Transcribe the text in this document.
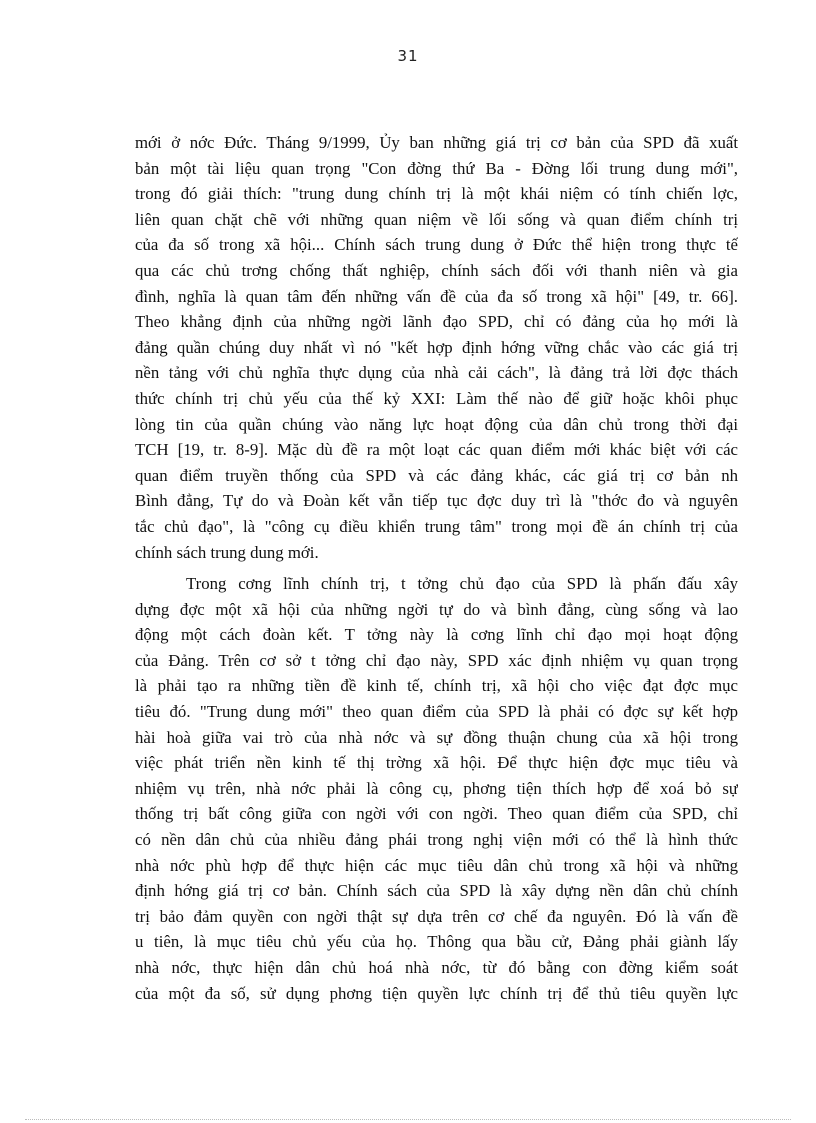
31
mới ở nớc Đức. Tháng 9/1999, Ủy ban những giá trị cơ bản của SPD đã xuất
bản một tài liệu quan trọng "Con đờng thứ Ba - Đờng lối trung dung mới",
trong đó giải thích: "trung dung chính trị là một khái niệm có tính chiến lợc,
liên quan chặt chẽ với những quan niệm về lối sống và quan điểm chính trị
của đa số trong xã hội... Chính sách trung dung ở Đức thể hiện trong thực tế
qua các chủ trơng chống thất nghiệp, chính sách đối với thanh niên và gia
đình, nghĩa là quan tâm đến những vấn đề của đa số trong xã hội" [49, tr. 66].
Theo khẳng định của những ngời lãnh đạo SPD, chỉ có đảng của họ mới là
đảng quần chúng duy nhất vì nó "kết hợp định hớng vững chắc vào các giá trị
nền tảng với chủ nghĩa thực dụng của nhà cải cách", là đảng trả lời đợc thách
thức chính trị chủ yếu của thế kỷ XXI: Làm thế nào để giữ hoặc khôi phục
lòng tin của quần chúng vào năng lực hoạt động của dân chủ trong thời đại
TCH [19, tr. 8-9]. Mặc dù đề ra một loạt các quan điểm mới khác biệt với các
quan điểm truyền thống của SPD và các đảng khác, các giá trị cơ bản nh
Bình đẳng, Tự do và Đoàn kết vẫn tiếp tục đợc duy trì là "thớc đo và nguyên
tắc chủ đạo", là "công cụ điều khiển trung tâm" trong mọi đề án chính trị của
chính sách trung dung mới.
Trong cơng lĩnh chính trị, t tởng chủ đạo của SPD là phấn đấu xây
dựng đợc một xã hội của những ngời tự do và bình đẳng, cùng sống và lao
động một cách đoàn kết. T tởng này là cơng lĩnh chỉ đạo mọi hoạt động
của Đảng. Trên cơ sở t tởng chỉ đạo này, SPD xác định nhiệm vụ quan trọng
là phải tạo ra những tiền đề kinh tế, chính trị, xã hội cho việc đạt đợc mục
tiêu đó. "Trung dung mới" theo quan điểm của SPD là phải có đợc sự kết hợp
hài hoà giữa vai trò của nhà nớc và sự đồng thuận chung của xã hội trong
việc phát triển nền kinh tế thị trờng xã hội. Để thực hiện đợc mục tiêu và
nhiệm vụ trên, nhà nớc phải là công cụ, phơng tiện thích hợp để xoá bỏ sự
thống trị bất công giữa con ngời với con ngời. Theo quan điểm của SPD, chỉ
có nền dân chủ của nhiều đảng phái trong nghị viện mới có thể là hình thức
nhà nớc phù hợp để thực hiện các mục tiêu dân chủ trong xã hội và những
định hớng giá trị cơ bản. Chính sách của SPD là xây dựng nền dân chủ chính
trị bảo đảm quyền con ngời thật sự dựa trên cơ chế đa nguyên. Đó là vấn đề
u tiên, là mục tiêu chủ yếu của họ. Thông qua bầu cử, Đảng phải giành lấy
nhà nớc, thực hiện dân chủ hoá nhà nớc, từ đó bằng con đờng kiểm soát
của một đa số, sử dụng phơng tiện quyền lực chính trị để thủ tiêu quyền lực
